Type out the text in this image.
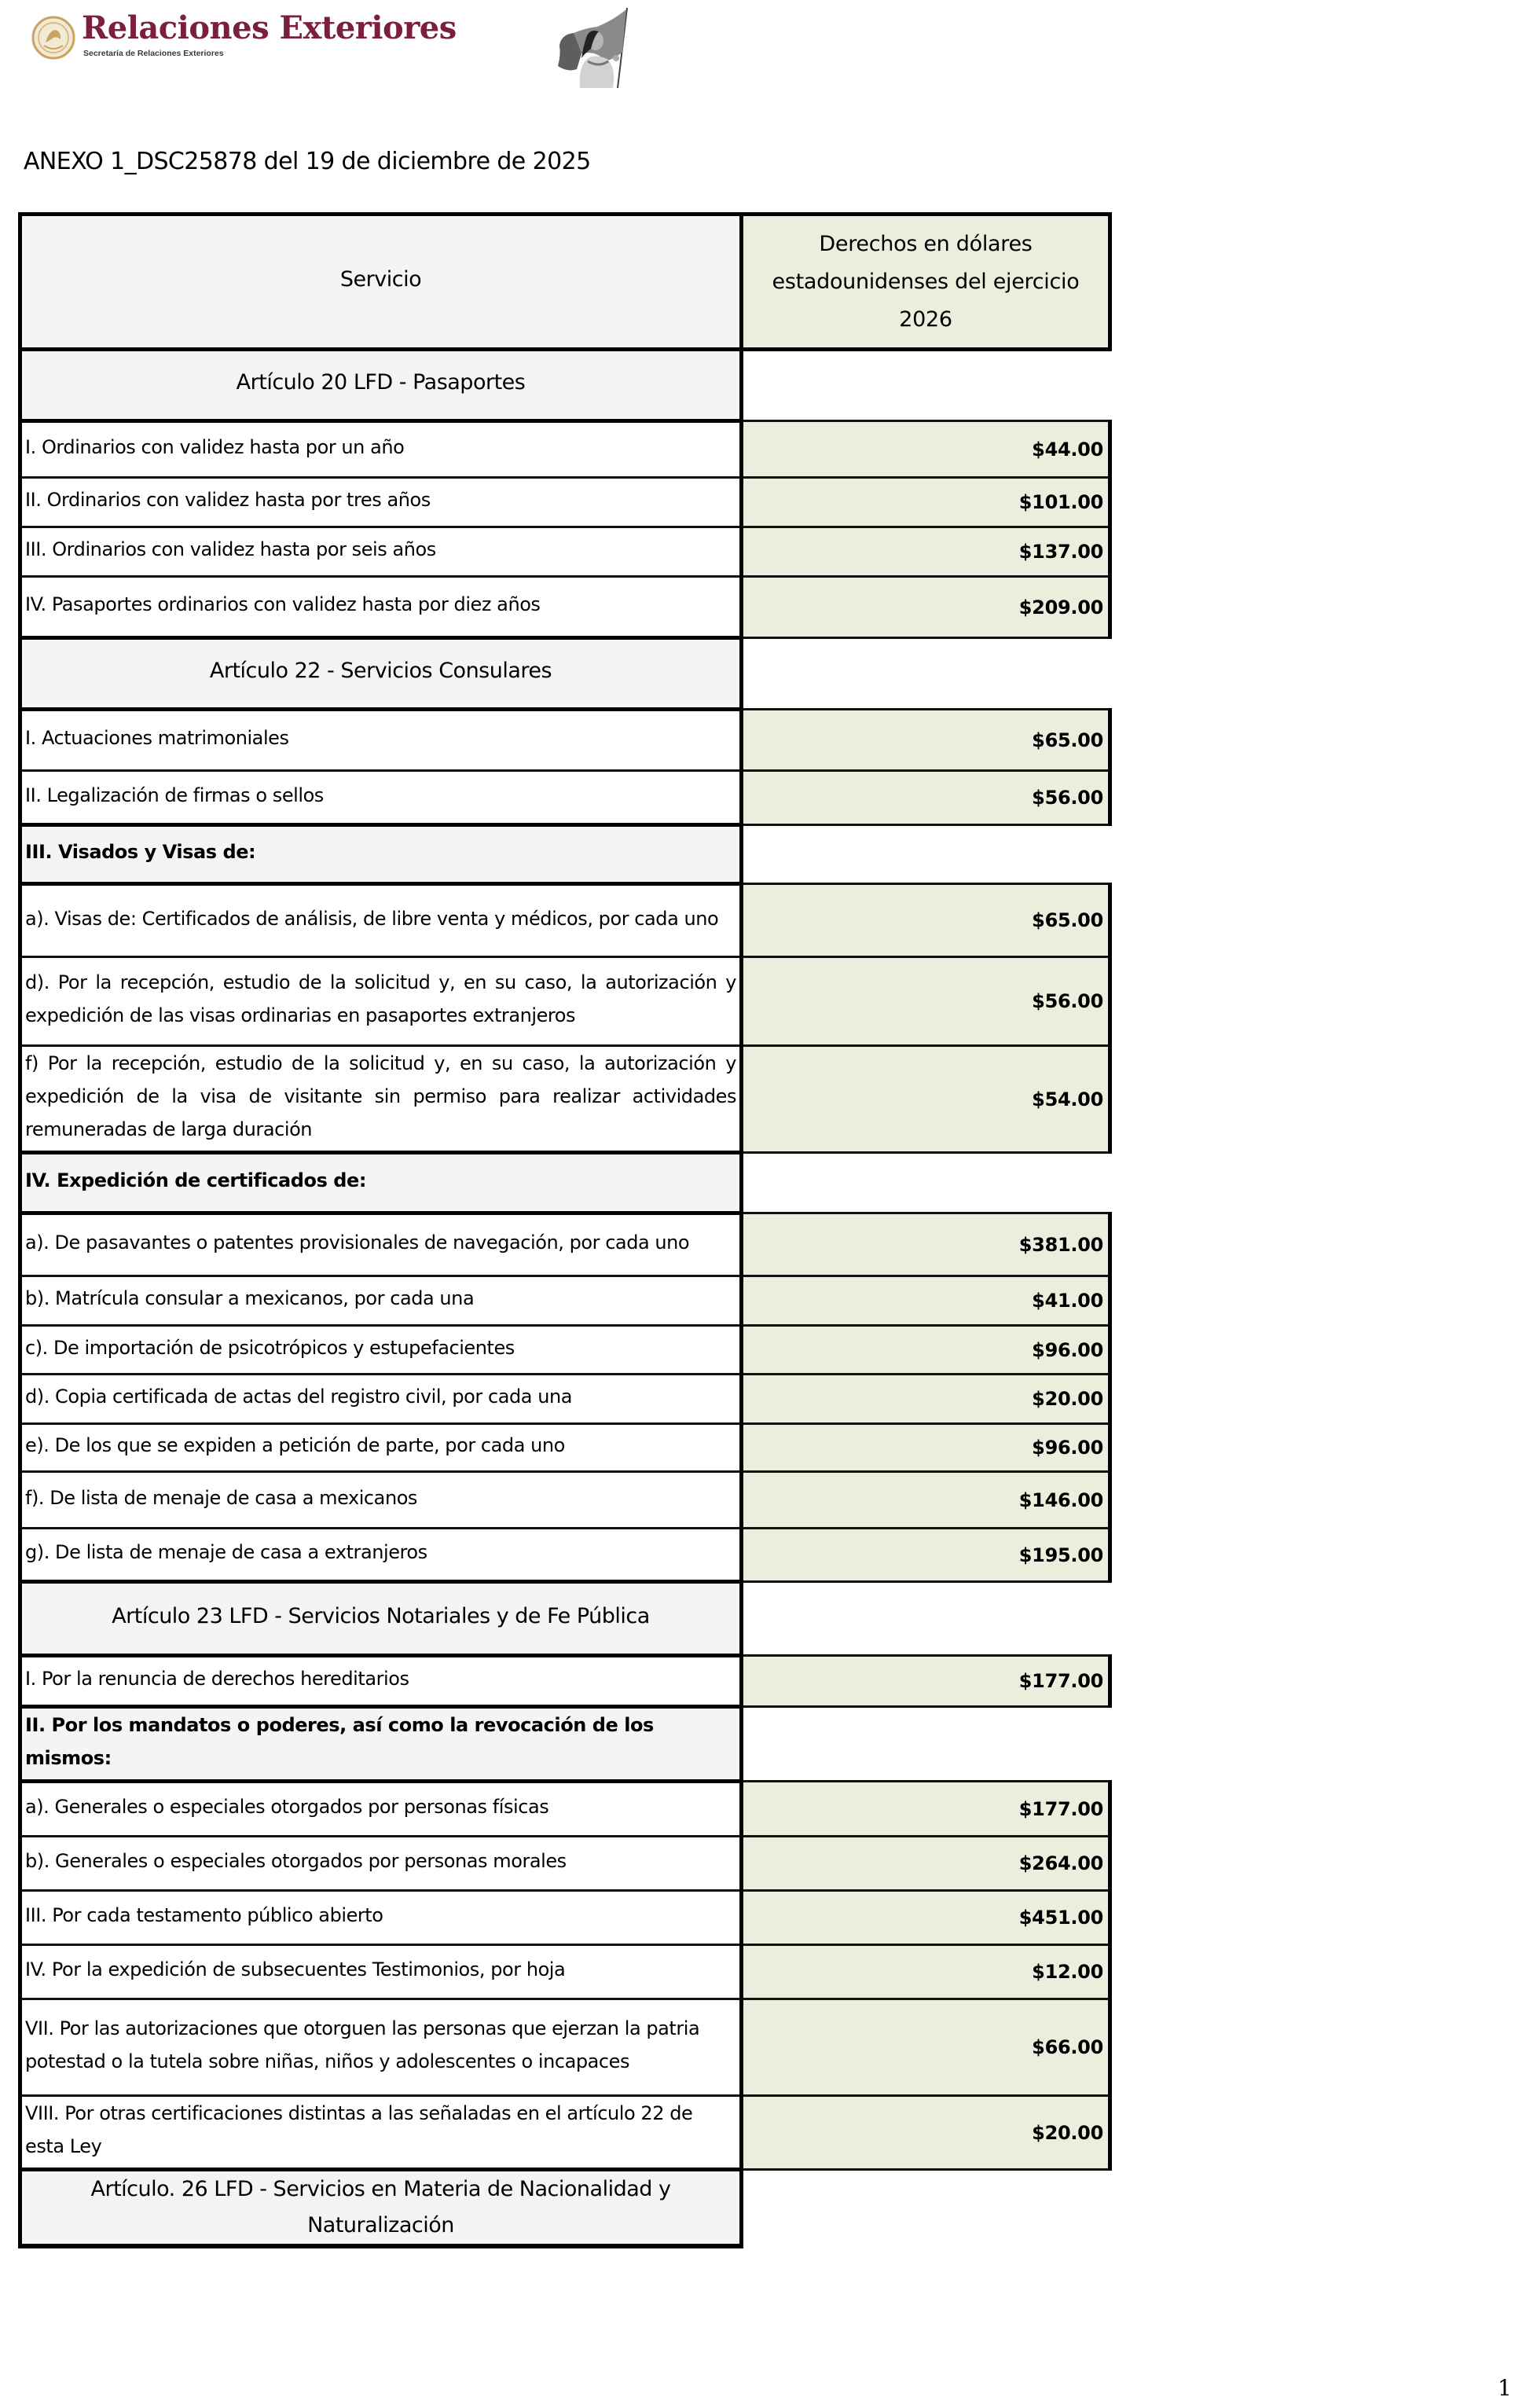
Relaciones Exteriores
Secretaría de Relaciones Exteriores
ANEXO 1_DSC25878 del 19 de diciembre de 2025
Servicio	Derechos en dólares estadounidenses del ejercicio 2026
Artículo 20 LFD - Pasaportes	
I. Ordinarios con validez hasta por un año	$44.00
II. Ordinarios con validez hasta por tres años	$101.00
III. Ordinarios con validez hasta por seis años	$137.00
IV. Pasaportes ordinarios con validez hasta por diez años	$209.00
Artículo 22 - Servicios Consulares	
I. Actuaciones matrimoniales	$65.00
II. Legalización de firmas o sellos	$56.00
III. Visados y Visas de:	
a). Visas de: Certificados de análisis, de libre venta y médicos, por cada uno	$65.00
d). Por la recepción, estudio de la solicitud y, en su caso, la autorización y expedición de las visas ordinarias en pasaportes extranjeros	$56.00
f) Por la recepción, estudio de la solicitud y, en su caso, la autorización y expedición de la visa de visitante sin permiso para realizar actividades remuneradas de larga duración	$54.00
IV. Expedición de certificados de:	
a). De pasavantes o patentes provisionales de navegación, por cada uno	$381.00
b). Matrícula consular a mexicanos, por cada una	$41.00
c). De importación de psicotrópicos y estupefacientes	$96.00
d). Copia certificada de actas del registro civil, por cada una	$20.00
e). De los que se expiden a petición de parte, por cada uno	$96.00
f). De lista de menaje de casa a mexicanos	$146.00
g). De lista de menaje de casa a extranjeros	$195.00
Artículo 23 LFD - Servicios Notariales y de Fe Pública	
I. Por la renuncia de derechos hereditarios	$177.00
II. Por los mandatos o poderes, así como la revocación de los mismos:	
a). Generales o especiales otorgados por personas físicas	$177.00
b). Generales o especiales otorgados por personas morales	$264.00
III. Por cada testamento público abierto	$451.00
IV. Por la expedición de subsecuentes Testimonios, por hoja	$12.00
VII. Por las autorizaciones que otorguen las personas que ejerzan la patria potestad o la tutela sobre niñas, niños y adolescentes o incapaces	$66.00
VIII. Por otras certificaciones distintas a las señaladas en el artículo 22 de esta Ley	$20.00
Artículo. 26 LFD - Servicios en Materia de Nacionalidad y Naturalización	
1
